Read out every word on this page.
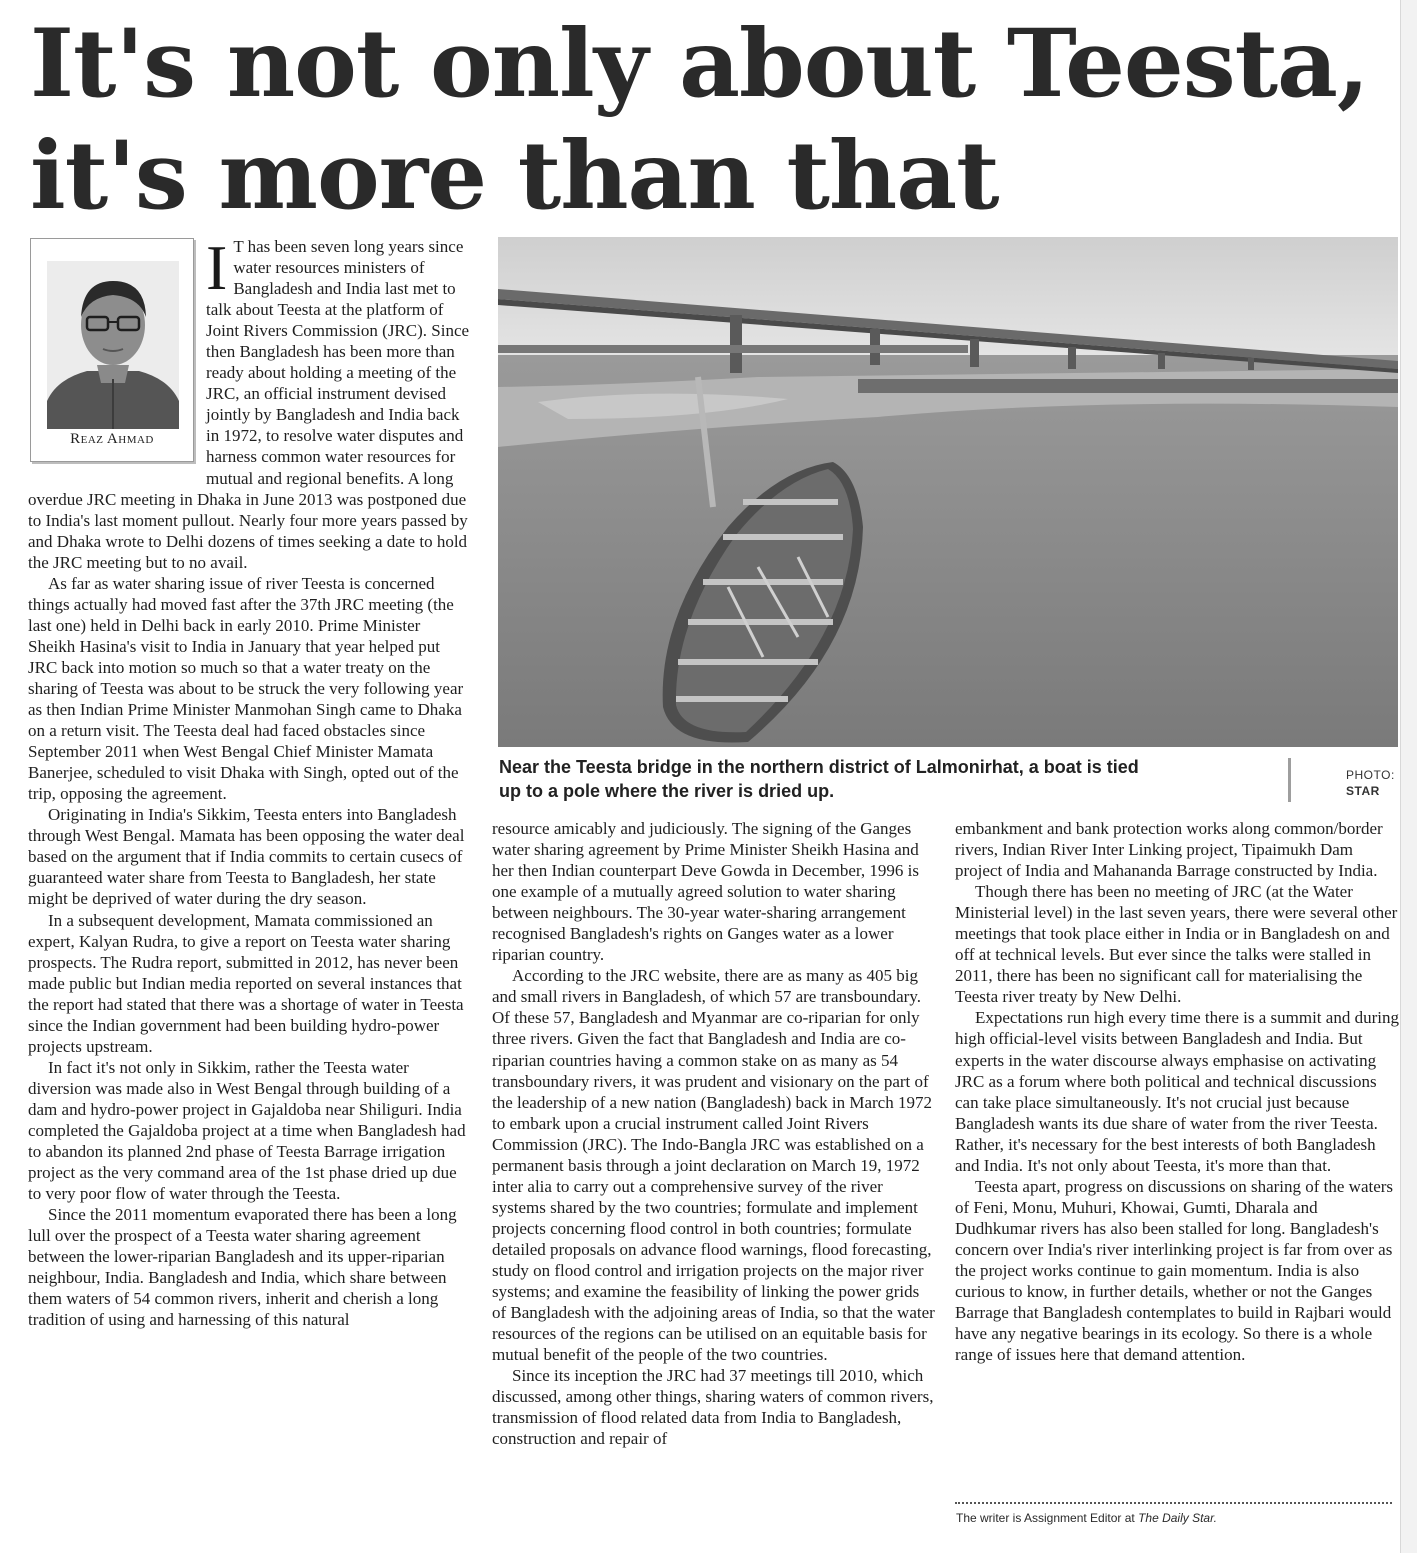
It's not only about Teesta,
it's more than that
Reaz Ahmad
I T has been seven long years since water resources ministers of Bangladesh and India last met to talk about Teesta at the platform of Joint Rivers Commission (JRC). Since then Bangladesh has been more than ready about holding a meeting of the JRC, an official instrument devised jointly by Bangladesh and India back in 1972, to resolve water disputes and harness common water resources for mutual and regional benefits. A long overdue JRC meeting in Dhaka in June 2013 was postponed due to India's last moment pullout. Nearly four more years passed by and Dhaka wrote to Delhi dozens of times seeking a date to hold the JRC meeting but to no avail.

As far as water sharing issue of river Teesta is concerned things actually had moved fast after the 37th JRC meeting (the last one) held in Delhi back in early 2010. Prime Minister Sheikh Hasina's visit to India in January that year helped put JRC back into motion so much so that a water treaty on the sharing of Teesta was about to be struck the very following year as then Indian Prime Minister Manmohan Singh came to Dhaka on a return visit. The Teesta deal had faced obstacles since September 2011 when West Bengal Chief Minister Mamata Banerjee, scheduled to visit Dhaka with Singh, opted out of the trip, opposing the agreement.

Originating in India's Sikkim, Teesta enters into Bangladesh through West Bengal. Mamata has been opposing the water deal based on the argument that if India commits to certain cusecs of guaranteed water share from Teesta to Bangladesh, her state might be deprived of water during the dry season.

In a subsequent development, Mamata commissioned an expert, Kalyan Rudra, to give a report on Teesta water sharing prospects. The Rudra report, submitted in 2012, has never been made public but Indian media reported on several instances that the report had stated that there was a shortage of water in Teesta since the Indian government had been building hydro-power projects upstream.

In fact it's not only in Sikkim, rather the Teesta water diversion was made also in West Bengal through building of a dam and hydro-power project in Gajaldoba near Shiliguri. India completed the Gajaldoba project at a time when Bangladesh had to abandon its planned 2nd phase of Teesta Barrage irrigation project as the very command area of the 1st phase dried up due to very poor flow of water through the Teesta.

Since the 2011 momentum evaporated there has been a long lull over the prospect of a Teesta water sharing agreement between the lower-riparian Bangladesh and its upper-riparian neighbour, India. Bangladesh and India, which share between them waters of 54 common rivers, inherit and cherish a long tradition of using and harnessing of this natural

Near the Teesta bridge in the northern district of Lalmonirhat, a boat is tied up to a pole where the river is dried up.
PHOTO:
STAR

resource amicably and judiciously. The signing of the Ganges water sharing agreement by Prime Minister Sheikh Hasina and her then Indian counterpart Deve Gowda in December, 1996 is one example of a mutually agreed solution to water sharing between neighbours. The 30-year water-sharing arrangement recognised Bangladesh's rights on Ganges water as a lower riparian country.

According to the JRC website, there are as many as 405 big and small rivers in Bangladesh, of which 57 are transboundary. Of these 57, Bangladesh and Myanmar are co-riparian for only three rivers. Given the fact that Bangladesh and India are co-riparian countries having a common stake on as many as 54 transboundary rivers, it was prudent and visionary on the part of the leadership of a new nation (Bangladesh) back in March 1972 to embark upon a crucial instrument called Joint Rivers Commission (JRC). The Indo-Bangla JRC was established on a permanent basis through a joint declaration on March 19, 1972 inter alia to carry out a comprehensive survey of the river systems shared by the two countries; formulate and implement projects concerning flood control in both countries; formulate detailed proposals on advance flood warnings, flood forecasting, study on flood control and irrigation projects on the major river systems; and examine the feasibility of linking the power grids of Bangladesh with the adjoining areas of India, so that the water resources of the regions can be utilised on an equitable basis for mutual benefit of the people of the two countries.

Since its inception the JRC had 37 meetings till 2010, which discussed, among other things, sharing waters of common rivers, transmission of flood related data from India to Bangladesh, construction and repair of

embankment and bank protection works along common/border rivers, Indian River Inter Linking project, Tipaimukh Dam project of India and Mahananda Barrage constructed by India.

Though there has been no meeting of JRC (at the Water Ministerial level) in the last seven years, there were several other meetings that took place either in India or in Bangladesh on and off at technical levels. But ever since the talks were stalled in 2011, there has been no significant call for materialising the Teesta river treaty by New Delhi.

Expectations run high every time there is a summit and during high official-level visits between Bangladesh and India. But experts in the water discourse always emphasise on activating JRC as a forum where both political and technical discussions can take place simultaneously. It's not crucial just because Bangladesh wants its due share of water from the river Teesta. Rather, it's necessary for the best interests of both Bangladesh and India. It's not only about Teesta, it's more than that.

Teesta apart, progress on discussions on sharing of the waters of Feni, Monu, Muhuri, Khowai, Gumti, Dharala and Dudhkumar rivers has also been stalled for long. Bangladesh's concern over India's river interlinking project is far from over as the project works continue to gain momentum. India is also curious to know, in further details, whether or not the Ganges Barrage that Bangladesh contemplates to build in Rajbari would have any negative bearings in its ecology. So there is a whole range of issues here that demand attention.

The writer is Assignment Editor at The Daily Star.
